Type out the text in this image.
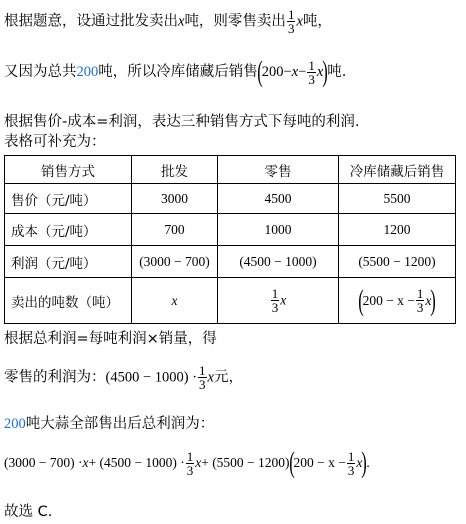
根据题意，设通过批发卖出x吨，则零售卖出 $\frac{1}{3}$ x吨，
又因为总共200吨，所以冷库储藏后销售$(200-x- \frac{1}{3} x)$吨.
根据售价-成本=利润，表达三种销售方式下每吨的利润.
表格可补充为：
销售方式	批发	零售	冷库储藏后销售
售价（元/吨）	3000	4500	5500
成本（元/吨）	700	1000	1200
利润（元/吨）	(3000 − 700)	(4500 − 1000)	(5500 − 1200)
卖出的吨数（吨）	x	$\frac{1}{3}$ x	$(200 - x - \frac{1}{3} x)$
根据总利润=每吨利润×销量，得
零售的利润为：$(4500 - 1000) \cdot \frac{1}{3}$ x元，
200吨大蒜全部售出后总利润为：
$(3000 - 700) \cdot x+ (4500 - 1000) \cdot \frac{1}{3} x+ (5500 - 1200)(200 - x - \frac{1}{3} x)$.
故选 C.
